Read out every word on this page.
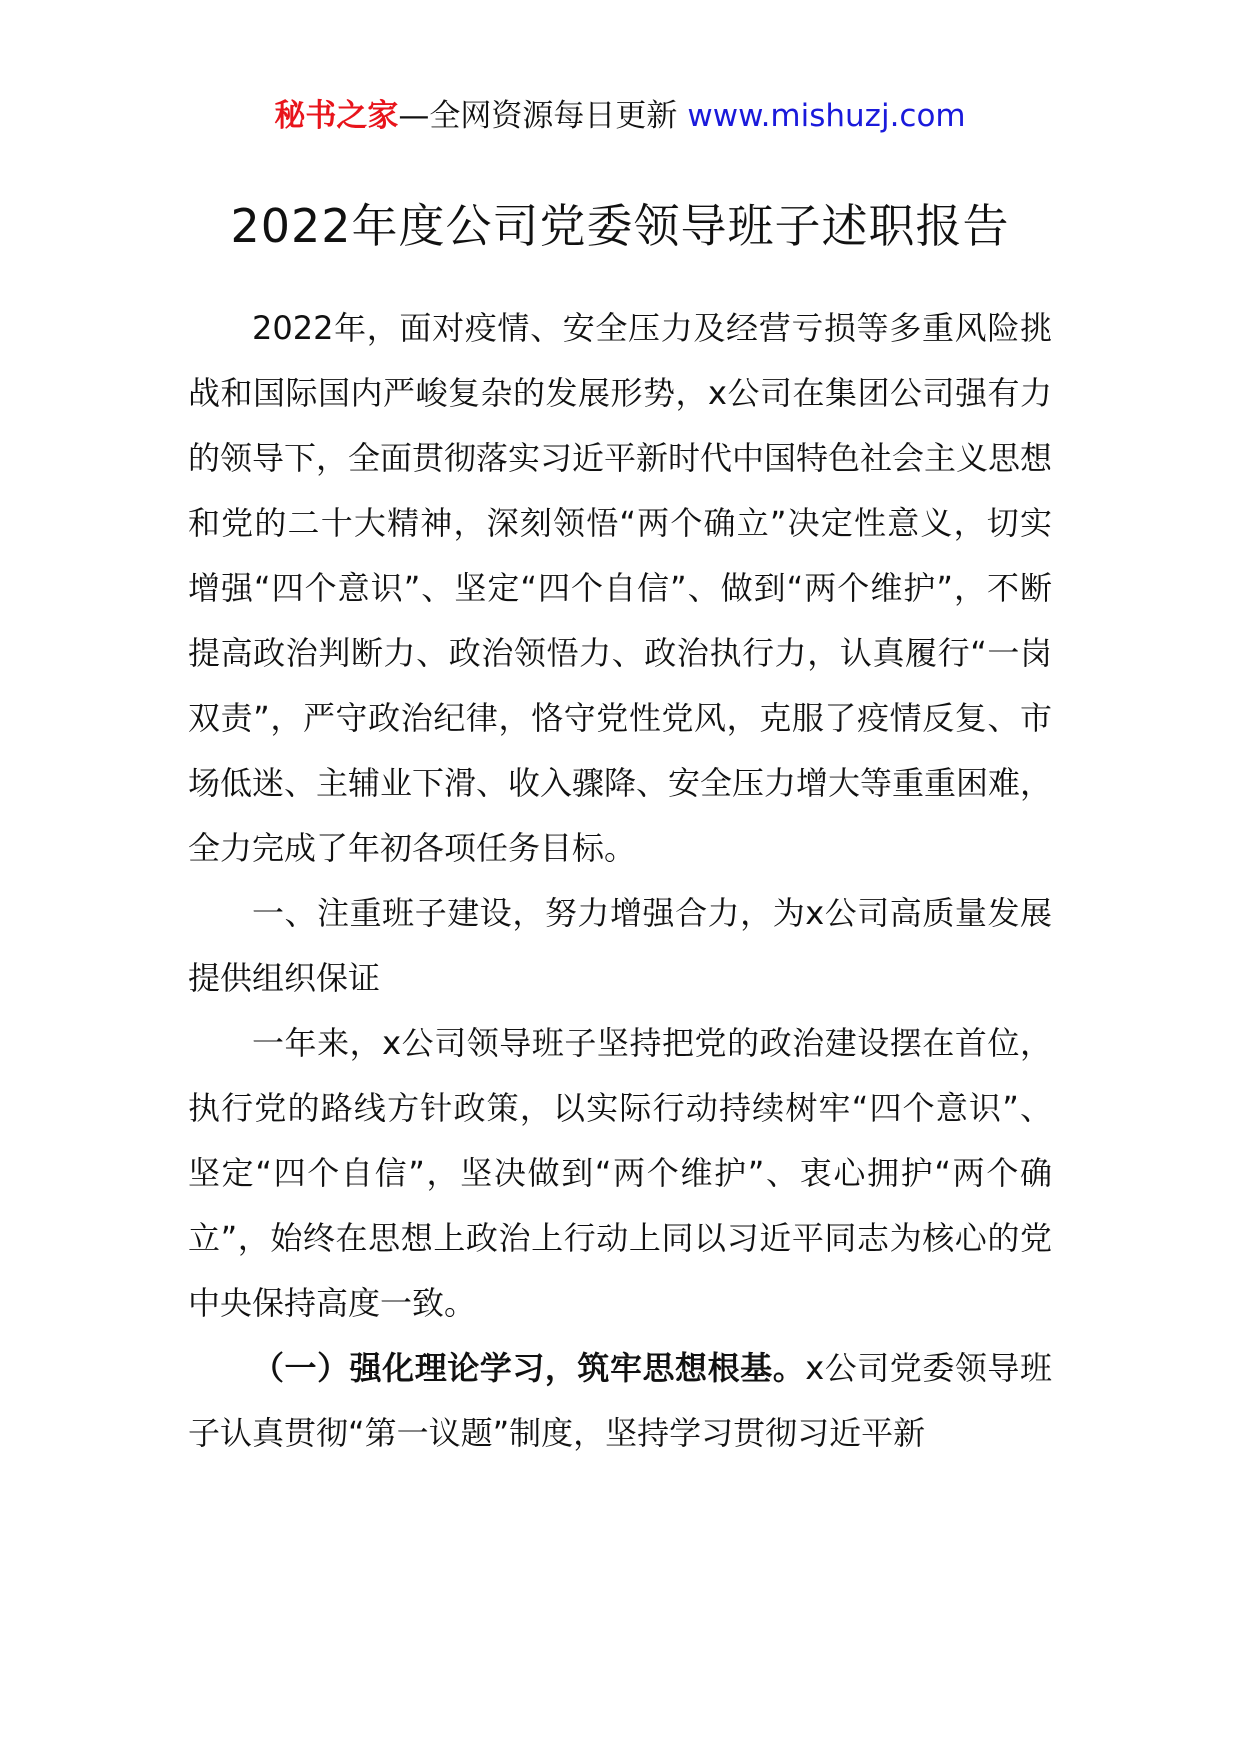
秘书之家—全网资源每日更新 www.mishuzj.com
2022年度公司党委领导班子述职报告

2022年，面对疫情、安全压力及经营亏损等多重风险挑战和国际国内严峻复杂的发展形势，x公司在集团公司强有力的领导下，全面贯彻落实习近平新时代中国特色社会主义思想和党的二十大精神，深刻领悟“两个确立”决定性意义，切实增强“四个意识”、坚定“四个自信”、做到“两个维护”，不断提高政治判断力、政治领悟力、政治执行力，认真履行“一岗双责”，严守政治纪律，恪守党性党风，克服了疫情反复、市场低迷、主辅业下滑、收入骤降、安全压力增大等重重困难，全力完成了年初各项任务目标。

一、注重班子建设，努力增强合力，为x公司高质量发展提供组织保证

一年来，x公司领导班子坚持把党的政治建设摆在首位，执行党的路线方针政策，以实际行动持续树牢“四个意识”、坚定“四个自信”，坚决做到“两个维护”、衷心拥护“两个确立”，始终在思想上政治上行动上同以习近平同志为核心的党中央保持高度一致。

（一）强化理论学习，筑牢思想根基。x公司党委领导班子认真贯彻“第一议题”制度，坚持学习贯彻习近平新
